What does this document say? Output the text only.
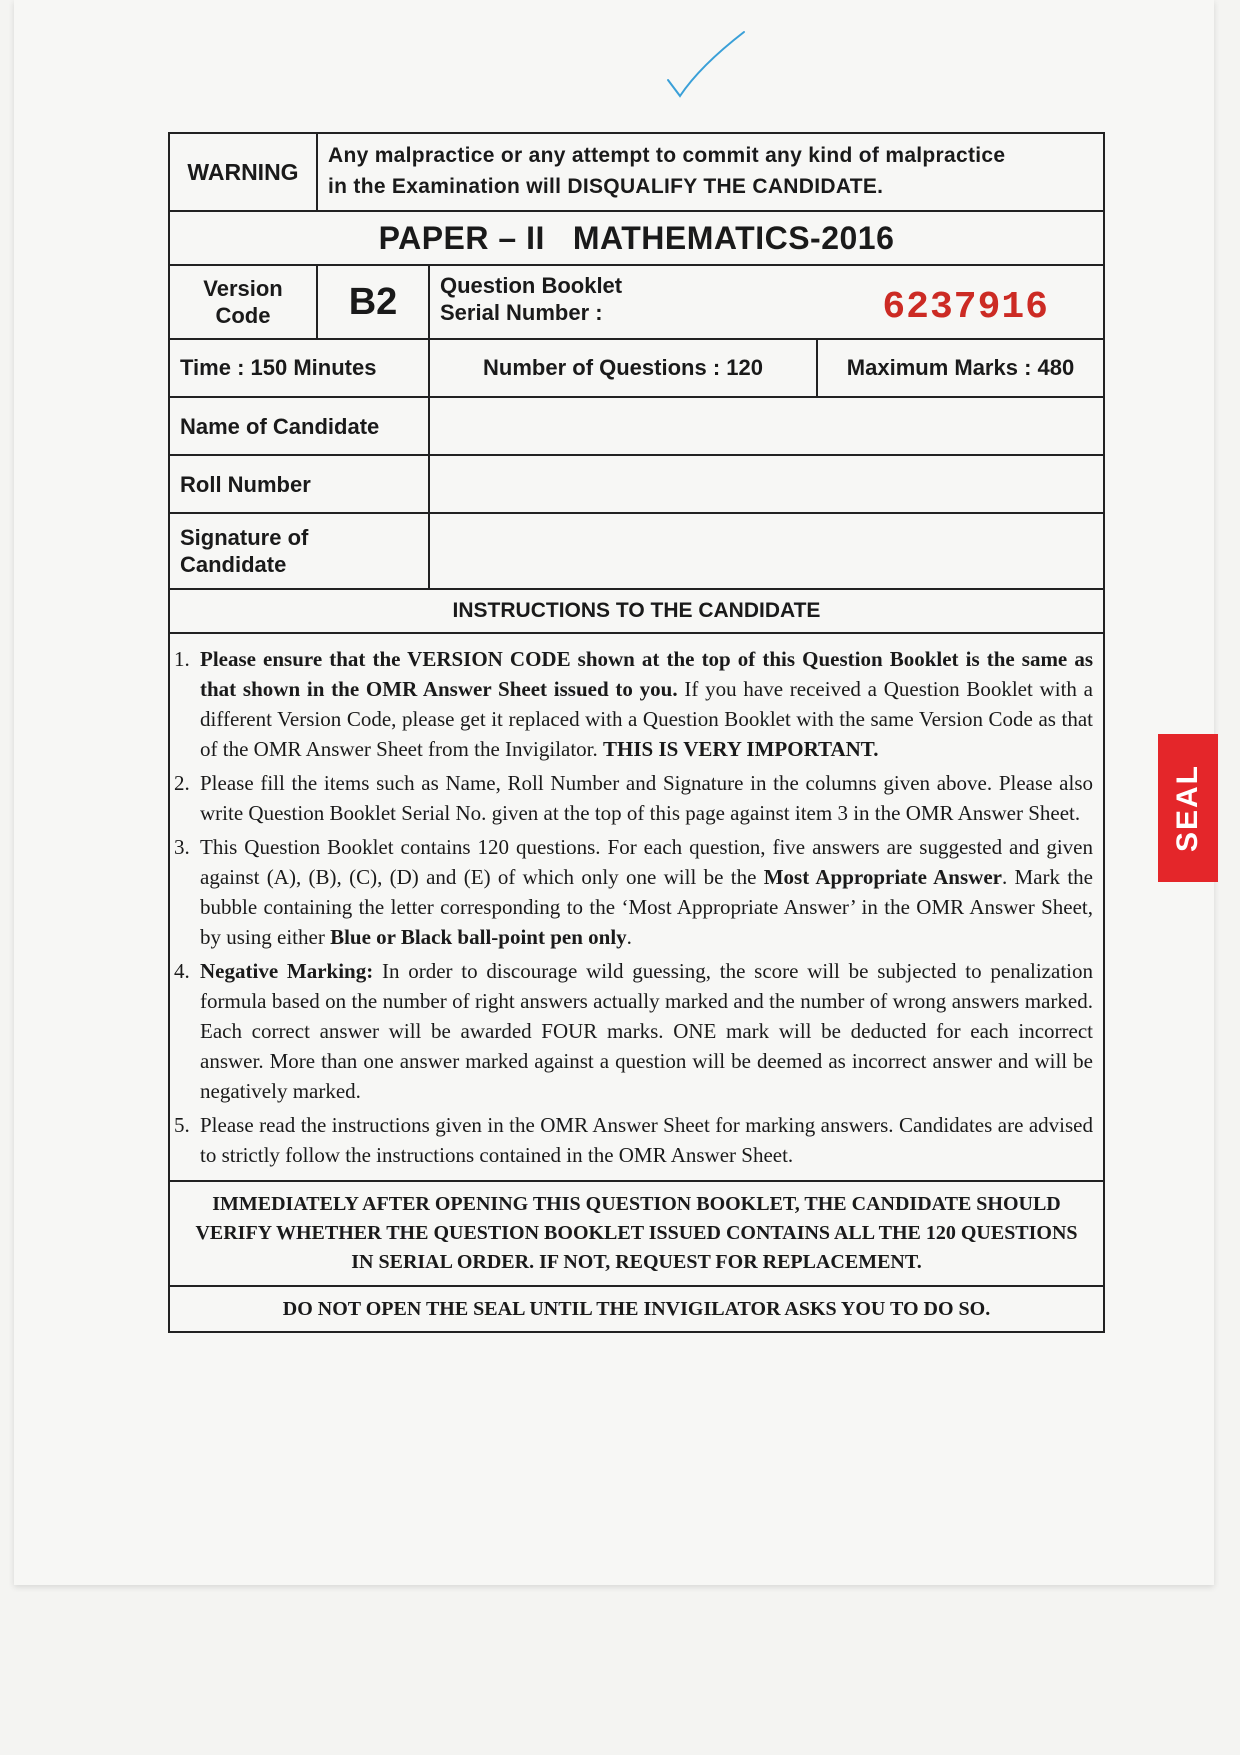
WARNING
Any malpractice or any attempt to commit any kind of malpractice
in the Examination will DISQUALIFY THE CANDIDATE.
PAPER – II MATHEMATICS-2016
Version
Code	B2	Question Booklet
Serial Number :	6237916
Time : 150 Minutes	Number of Questions : 120	Maximum Marks : 480
Name of Candidate
Roll Number
Signature of
Candidate
INSTRUCTIONS TO THE CANDIDATE
1. Please ensure that the VERSION CODE shown at the top of this Question Booklet is the same as that shown in the OMR Answer Sheet issued to you. If you have received a Question Booklet with a different Version Code, please get it replaced with a Question Booklet with the same Version Code as that of the OMR Answer Sheet from the Invigilator. THIS IS VERY IMPORTANT.
2. Please fill the items such as Name, Roll Number and Signature in the columns given above. Please also write Question Booklet Serial No. given at the top of this page against item 3 in the OMR Answer Sheet.
3. This Question Booklet contains 120 questions. For each question, five answers are suggested and given against (A), (B), (C), (D) and (E) of which only one will be the Most Appropriate Answer. Mark the bubble containing the letter corresponding to the ‘Most Appropriate Answer’ in the OMR Answer Sheet, by using either Blue or Black ball-point pen only.
4. Negative Marking: In order to discourage wild guessing, the score will be subjected to penalization formula based on the number of right answers actually marked and the number of wrong answers marked. Each correct answer will be awarded FOUR marks. ONE mark will be deducted for each incorrect answer. More than one answer marked against a question will be deemed as incorrect answer and will be negatively marked.
5. Please read the instructions given in the OMR Answer Sheet for marking answers. Candidates are advised to strictly follow the instructions contained in the OMR Answer Sheet.
IMMEDIATELY AFTER OPENING THIS QUESTION BOOKLET, THE CANDIDATE SHOULD VERIFY WHETHER THE QUESTION BOOKLET ISSUED CONTAINS ALL THE 120 QUESTIONS IN SERIAL ORDER. IF NOT, REQUEST FOR REPLACEMENT.
DO NOT OPEN THE SEAL UNTIL THE INVIGILATOR ASKS YOU TO DO SO.
SEAL
